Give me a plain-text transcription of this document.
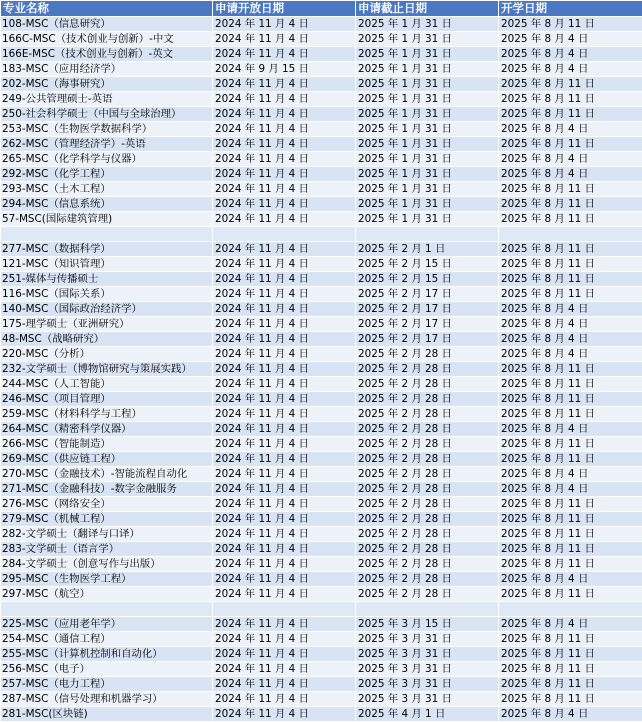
专业名称	申请开放日期	申请截止日期	开学日期
108-MSC（信息研究）	2024 年 11 月 4 日	2025 年 1 月 31 日	2025 年 8 月 11 日
166C-MSC（技术创业与创新）-中文	2024 年 11 月 4 日	2025 年 1 月 31 日	2025 年 8 月 4 日
166E-MSC（技术创业与创新）-英文	2024 年 11 月 4 日	2025 年 1 月 31 日	2025 年 8 月 4 日
183-MSC（应用经济学）	2024 年 9 月 15 日	2025 年 1 月 31 日	2025 年 8 月 4 日
202-MSC（海事研究）	2024 年 11 月 4 日	2025 年 1 月 31 日	2025 年 8 月 11 日
249-公共管理硕士-英语	2024 年 11 月 4 日	2025 年 1 月 31 日	2025 年 8 月 11 日
250-社会科学硕士（中国与全球治理）	2024 年 11 月 4 日	2025 年 1 月 31 日	2025 年 8 月 11 日
253-MSC（生物医学数据科学）	2024 年 11 月 4 日	2025 年 1 月 31 日	2025 年 8 月 4 日
262-MSC（管理经济学）-英语	2024 年 11 月 4 日	2025 年 1 月 31 日	2025 年 8 月 11 日
265-MSC（化学科学与仪器）	2024 年 11 月 4 日	2025 年 1 月 31 日	2025 年 8 月 4 日
292-MSC（化学工程）	2024 年 11 月 4 日	2025 年 1 月 31 日	2025 年 8 月 4 日
293-MSC（土木工程）	2024 年 11 月 4 日	2025 年 1 月 31 日	2025 年 8 月 11 日
294-MSC（信息系统）	2024 年 11 月 4 日	2025 年 1 月 31 日	2025 年 8 月 11 日
57-MSC(国际建筑管理)	2024 年 11 月 4 日	2025 年 1 月 31 日	2025 年 8 月 11 日

277-MSC（数据科学）	2024 年 11 月 4 日	2025 年 2 月 1 日	2025 年 8 月 11 日
121-MSC（知识管理）	2024 年 11 月 4 日	2025 年 2 月 15 日	2025 年 8 月 11 日
251-媒体与传播硕士	2024 年 11 月 4 日	2025 年 2 月 15 日	2025 年 8 月 11 日
116-MSC（国际关系）	2024 年 11 月 4 日	2025 年 2 月 17 日	2025 年 8 月 11 日
140-MSC（国际政治经济学）	2024 年 11 月 4 日	2025 年 2 月 17 日	2025 年 8 月 4 日
175-理学硕士（亚洲研究）	2024 年 11 月 4 日	2025 年 2 月 17 日	2025 年 8 月 4 日
48-MSC（战略研究）	2024 年 11 月 4 日	2025 年 2 月 17 日	2025 年 8 月 4 日
220-MSC（分析）	2024 年 11 月 4 日	2025 年 2 月 28 日	2025 年 8 月 4 日
232-文学硕士（博物馆研究与策展实践）	2024 年 11 月 4 日	2025 年 2 月 28 日	2025 年 8 月 11 日
244-MSC（人工智能）	2024 年 11 月 4 日	2025 年 2 月 28 日	2025 年 8 月 11 日
246-MSC（项目管理）	2024 年 11 月 4 日	2025 年 2 月 28 日	2025 年 8 月 11 日
259-MSC（材料科学与工程）	2024 年 11 月 4 日	2025 年 2 月 28 日	2025 年 8 月 11 日
264-MSC（精密科学仪器）	2024 年 11 月 4 日	2025 年 2 月 28 日	2025 年 8 月 4 日
266-MSC（智能制造）	2024 年 11 月 4 日	2025 年 2 月 28 日	2025 年 8 月 11 日
269-MSC（供应链工程）	2024 年 11 月 4 日	2025 年 2 月 28 日	2025 年 8 月 11 日
270-MSC（金融技术）-智能流程自动化	2024 年 11 月 4 日	2025 年 2 月 28 日	2025 年 8 月 4 日
271-MSC（金融科技）-数字金融服务	2024 年 11 月 4 日	2025 年 2 月 28 日	2025 年 8 月 4 日
276-MSC（网络安全）	2024 年 11 月 4 日	2025 年 2 月 28 日	2025 年 8 月 11 日
279-MSC（机械工程）	2024 年 11 月 4 日	2025 年 2 月 28 日	2025 年 8 月 11 日
282-文学硕士（翻译与口译）	2024 年 11 月 4 日	2025 年 2 月 28 日	2025 年 8 月 11 日
283-文学硕士（语言学）	2024 年 11 月 4 日	2025 年 2 月 28 日	2025 年 8 月 11 日
284-文学硕士（创意写作与出版）	2024 年 11 月 4 日	2025 年 2 月 28 日	2025 年 8 月 11 日
295-MSC（生物医学工程）	2024 年 11 月 4 日	2025 年 2 月 28 日	2025 年 8 月 4 日
297-MSC（航空）	2024 年 11 月 4 日	2025 年 2 月 28 日	2025 年 8 月 11 日

225-MSC（应用老年学）	2024 年 11 月 4 日	2025 年 3 月 15 日	2025 年 8 月 4 日
254-MSC（通信工程）	2024 年 11 月 4 日	2025 年 3 月 31 日	2025 年 8 月 11 日
255-MSC（计算机控制和自动化）	2024 年 11 月 4 日	2025 年 3 月 31 日	2025 年 8 月 11 日
256-MSC（电子）	2024 年 11 月 4 日	2025 年 3 月 31 日	2025 年 8 月 11 日
257-MSC（电力工程）	2024 年 11 月 4 日	2025 年 3 月 31 日	2025 年 8 月 11 日
287-MSC（信号处理和机器学习）	2024 年 11 月 4 日	2025 年 3 月 31 日	2025 年 8 月 11 日
281-MSC(区块链)	2024 年 11 月 4 日	2025 年 4 月 1 日	2025 年 8 月 4 日
